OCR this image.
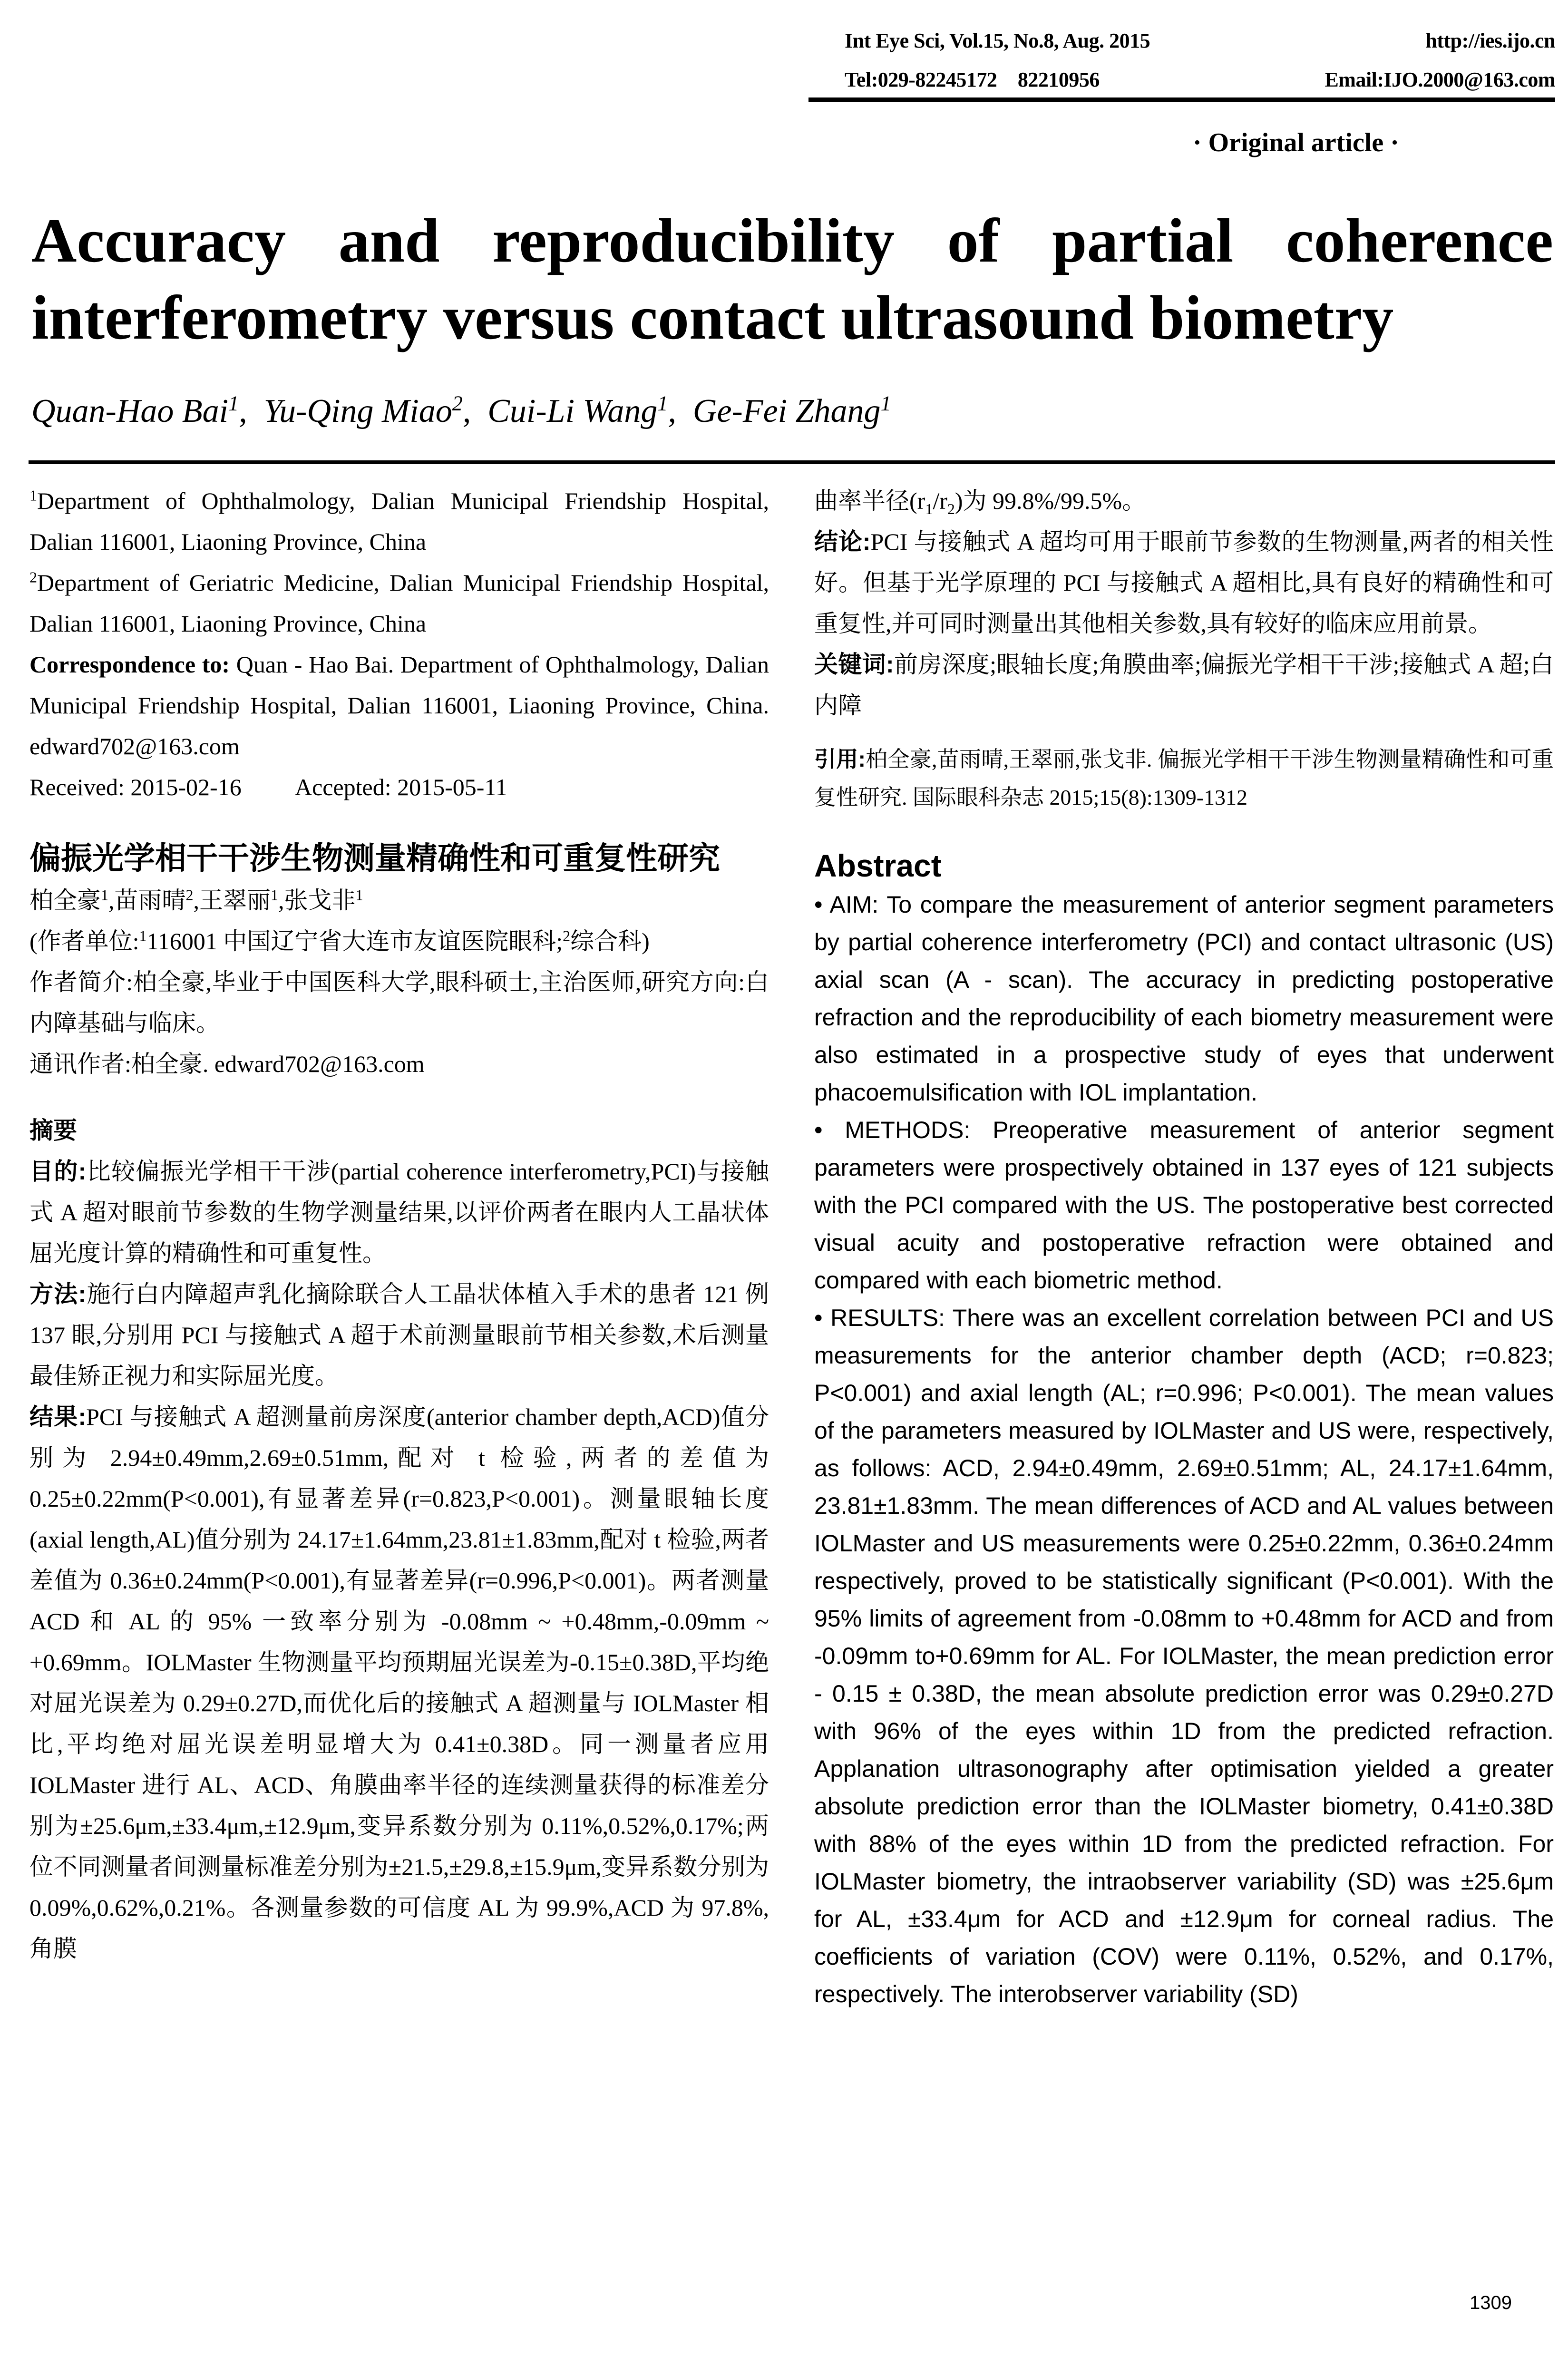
Int Eye Sci, Vol.15, No.8, Aug. 2015	http://ies.ijo.cn
Tel:029-82245172　82210956	Email:IJO.2000@163.com
· Original article ·
Accuracy and reproducibility of partial coherence
interferometry versus contact ultrasound biometry
Quan-Hao Bai$^1$,  Yu-Qing Miao$^2$,  Cui-Li Wang$^1$,  Ge-Fei Zhang$^1$

$^1$Department of Ophthalmology, Dalian Municipal Friendship Hospital, Dalian 116001, Liaoning Province, China

$^2$Department of Geriatric Medicine, Dalian Municipal Friendship Hospital, Dalian 116001, Liaoning Province, China

Correspondence to: Quan - Hao Bai. Department of Ophthalmology, Dalian Municipal Friendship Hospital, Dalian 116001, Liaoning Province, China. edward702@163.com

Received: 2015-02-16 Accepted: 2015-05-11

偏振光学相干干涉生物测量精确性和可重复性研究

柏全豪$^1$,苗雨晴$^2$,王翠丽$^1$,张戈非$^1$

(作者单位:$^1$116001 中国辽宁省大连市友谊医院眼科;$^2$综合科)

作者简介:柏全豪,毕业于中国医科大学,眼科硕士,主治医师,研究方向:白内障基础与临床。

通讯作者:柏全豪. edward702@163.com

摘要

目的:比较偏振光学相干干涉(partial coherence interferometry,PCI)与接触式 A 超对眼前节参数的生物学测量结果,以评价两者在眼内人工晶状体屈光度计算的精确性和可重复性。

方法:施行白内障超声乳化摘除联合人工晶状体植入手术的患者 121 例 137 眼,分别用 PCI 与接触式 A 超于术前测量眼前节相关参数,术后测量最佳矫正视力和实际屈光度。

结果:PCI 与接触式 A 超测量前房深度(anterior chamber depth,ACD)值分别为 2.94±0.49mm,2.69±0.51mm,配对 t 检验,两者的差值为 0.25±0.22mm(P<0.001),有显著差异(r=0.823,P<0.001)。测量眼轴长度(axial length,AL)值分别为 24.17±1.64mm,23.81±1.83mm,配对 t 检验,两者差值为 0.36±0.24mm(P<0.001),有显著差异(r=0.996,P<0.001)。两者测量 ACD 和 AL 的 95% 一致率分别为 -0.08mm ~ +0.48mm,-0.09mm ~ +0.69mm。IOLMaster 生物测量平均预期屈光误差为-0.15±0.38D,平均绝对屈光误差为 0.29±0.27D,而优化后的接触式 A 超测量与 IOLMaster 相比,平均绝对屈光误差明显增大为 0.41±0.38D。同一测量者应用 IOLMaster 进行 AL、ACD、角膜曲率半径的连续测量获得的标准差分别为±25.6μm,±33.4μm,±12.9μm,变异系数分别为 0.11%,0.52%,0.17%;两位不同测量者间测量标准差分别为±21.5,±29.8,±15.9μm,变异系数分别为 0.09%,0.62%,0.21%。各测量参数的可信度 AL 为 99.9%,ACD 为 97.8%,角膜

曲率半径$(r_1/r_2)$为 99.8%/99.5%。

结论:PCI 与接触式 A 超均可用于眼前节参数的生物测量,两者的相关性好。但基于光学原理的 PCI 与接触式 A 超相比,具有良好的精确性和可重复性,并可同时测量出其他相关参数,具有较好的临床应用前景。

关键词:前房深度;眼轴长度;角膜曲率;偏振光学相干干涉;接触式 A 超;白内障

引用:柏全豪,苗雨晴,王翠丽,张戈非. 偏振光学相干干涉生物测量精确性和可重复性研究. 国际眼科杂志 2015;15(8):1309-1312

Abstract

• AIM: To compare the measurement of anterior segment parameters by partial coherence interferometry (PCI) and contact ultrasonic (US) axial scan (A - scan). The accuracy in predicting postoperative refraction and the reproducibility of each biometry measurement were also estimated in a prospective study of eyes that underwent phacoemulsification with IOL implantation.

• METHODS: Preoperative measurement of anterior segment parameters were prospectively obtained in 137 eyes of 121 subjects with the PCI compared with the US. The postoperative best corrected visual acuity and postoperative refraction were obtained and compared with each biometric method.

• RESULTS: There was an excellent correlation between PCI and US measurements for the anterior chamber depth (ACD; r=0.823; P<0.001) and axial length (AL; r=0.996; P<0.001). The mean values of the parameters measured by IOLMaster and US were, respectively, as follows: ACD, 2.94±0.49mm, 2.69±0.51mm; AL, 24.17±1.64mm, 23.81±1.83mm. The mean differences of ACD and AL values between IOLMaster and US measurements were 0.25±0.22mm, 0.36±0.24mm respectively, proved to be statistically significant (P<0.001). With the 95% limits of agreement from -0.08mm to +0.48mm for ACD and from -0.09mm to+0.69mm for AL. For IOLMaster, the mean prediction error - 0.15 ± 0.38D, the mean absolute prediction error was 0.29±0.27D with 96% of the eyes within 1D from the predicted refraction. Applanation ultrasonography after optimisation yielded a greater absolute prediction error than the IOLMaster biometry, 0.41±0.38D with 88% of the eyes within 1D from the predicted refraction. For IOLMaster biometry, the intraobserver variability (SD) was ±25.6μm for AL, ±33.4μm for ACD and ±12.9μm for corneal radius. The coefficients of variation (COV) were 0.11%, 0.52%, and 0.17%, respectively. The interobserver variability (SD)

1309
